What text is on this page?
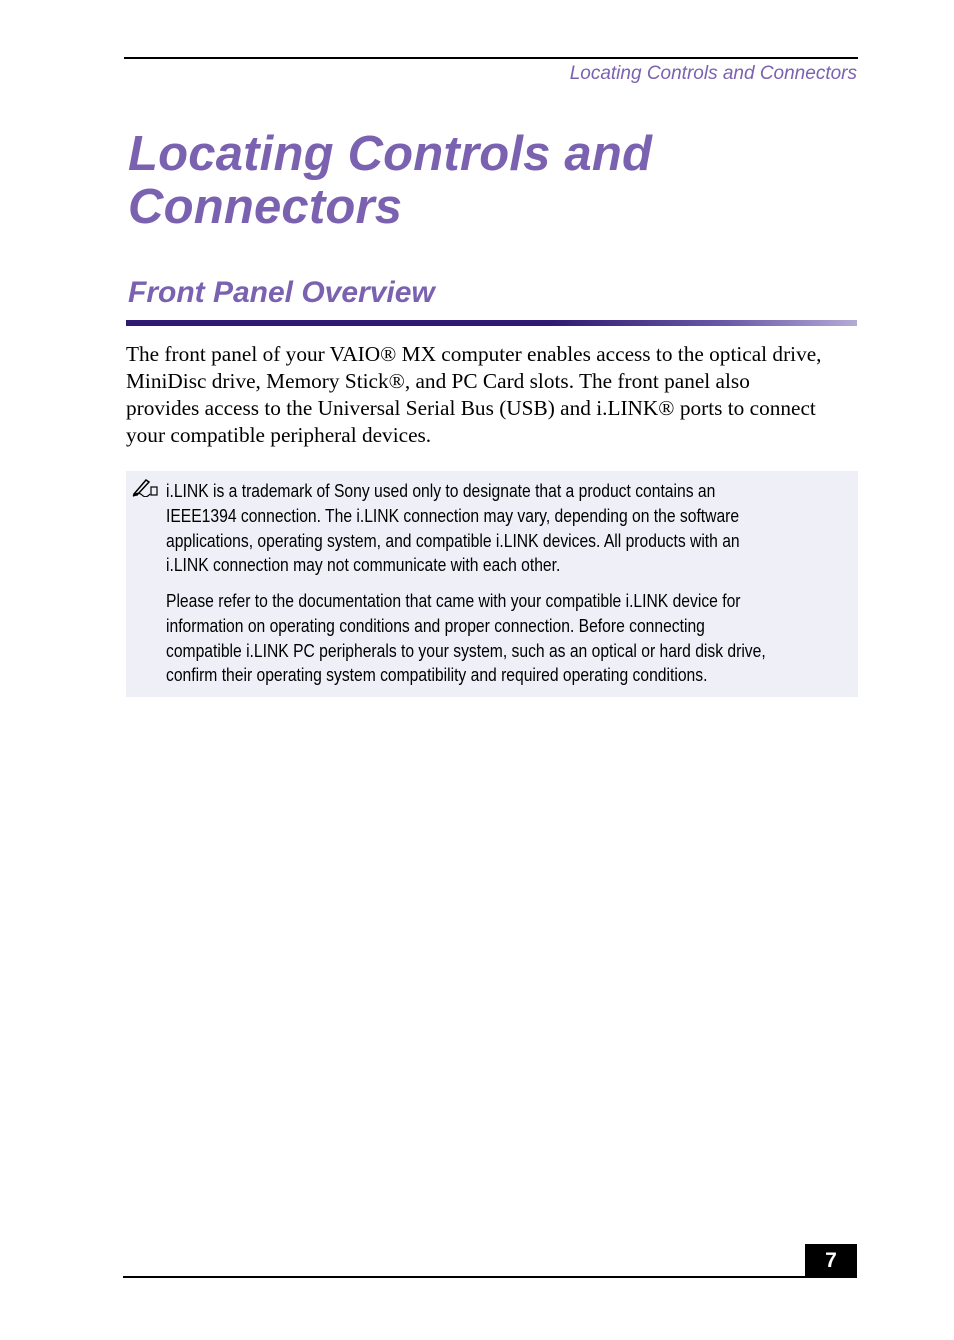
Locating Controls and Connectors
Locating Controls and Connectors
Front Panel Overview

The front panel of your VAIO® MX computer enables access to the optical drive,
MiniDisc drive, Memory Stick®, and PC Card slots. The front panel also
provides access to the Universal Serial Bus (USB) and i.LINK® ports to connect
your compatible peripheral devices.

i.LINK is a trademark of Sony used only to designate that a product contains an
IEEE1394 connection. The i.LINK connection may vary, depending on the software
applications, operating system, and compatible i.LINK devices. All products with an
i.LINK connection may not communicate with each other.

Please refer to the documentation that came with your compatible i.LINK device for
information on operating conditions and proper connection. Before connecting
compatible i.LINK PC peripherals to your system, such as an optical or hard disk drive,
confirm their operating system compatibility and required operating conditions.

7
